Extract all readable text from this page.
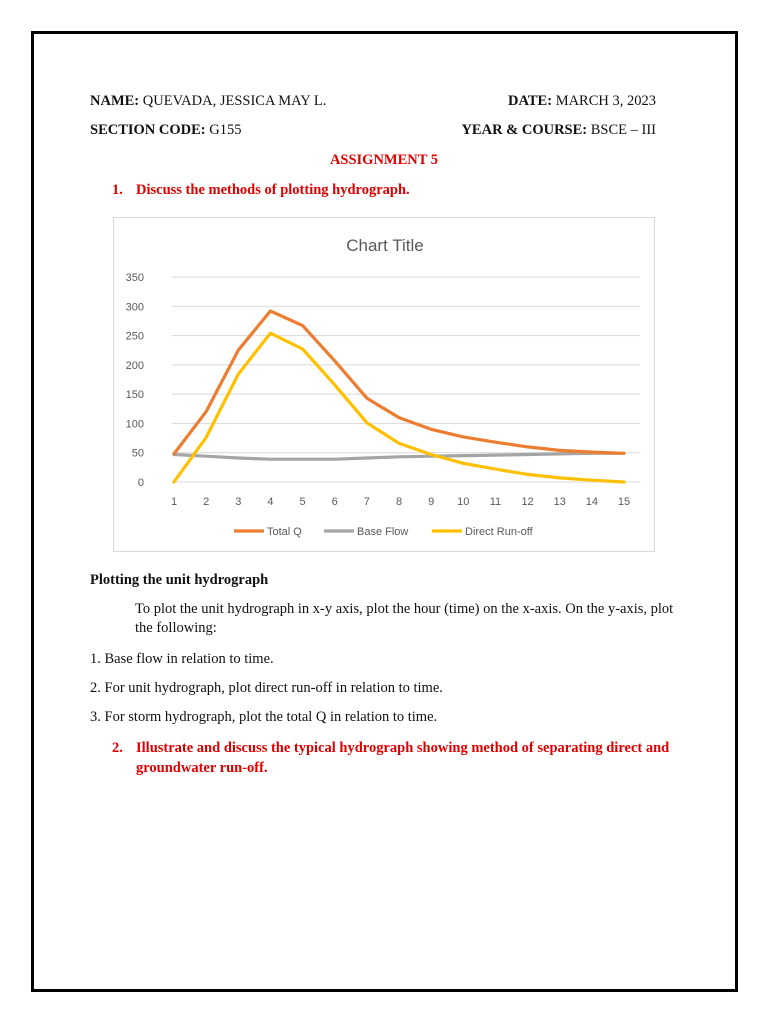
NAME: QUEVADA, JESSICA MAY L.	DATE: MARCH 3, 2023
SECTION CODE: G155	YEAR & COURSE: BSCE – III
ASSIGNMENT 5
1. Discuss the methods of plotting hydrograph.
Chart Title
0
50
100
150
200
250
300
350
1 2 3 4 5 6 7 8 9 10 11 12 13 14 15
Total Q	Base Flow	Direct Run-off
Plotting the unit hydrograph
To plot the unit hydrograph in x-y axis, plot the hour (time) on the x-axis. On the y-axis, plot the following:
1. Base flow in relation to time.
2. For unit hydrograph, plot direct run-off in relation to time.
3. For storm hydrograph, plot the total Q in relation to time.
2. Illustrate and discuss the typical hydrograph showing method of separating direct and groundwater run-off.
